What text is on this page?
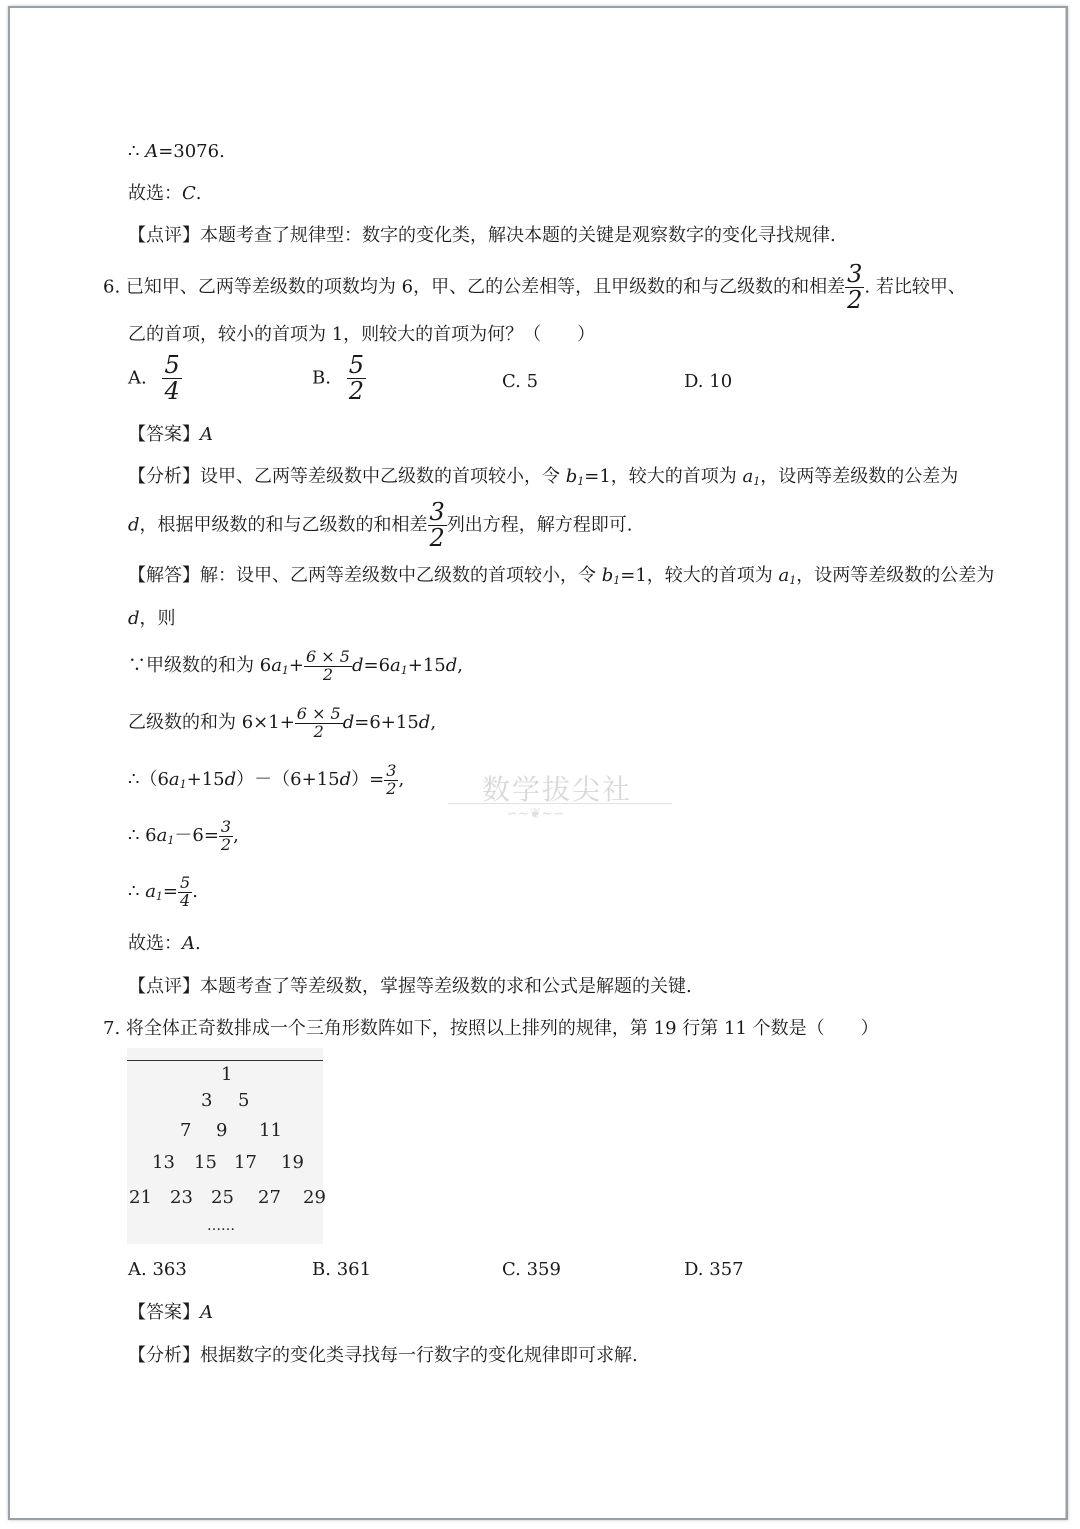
∴ A=3076.
故选：C.
【点评】本题考查了规律型：数字的变化类，解决本题的关键是观察数字的变化寻找规律.
6. 已知甲、乙两等差级数的项数均为 6，甲、乙的公差相等，且甲级数的和与乙级数的和相差 $\frac{3}{2}$ . 若比较甲、
乙的首项，较小的首项为 1，则较大的首项为何？（　　）
A. $\frac{5}{4}$	B. $\frac{5}{2}$	C. 5	D. 10
【答案】A
【分析】设甲、乙两等差级数中乙级数的首项较小，令 $b_1=1$，较大的首项为 $a_1$，设两等差级数的公差为
d，根据甲级数的和与乙级数的和相差 $\frac{3}{2}$ 列出方程，解方程即可.
【解答】解：设甲、乙两等差级数中乙级数的首项较小，令 $b_1=1$，较大的首项为 $a_1$，设两等差级数的公差为
d，则
∵甲级数的和为 $6a_1+ \frac{6 \times 5}{2} d=6a_1+15d$,
乙级数的和为 $6\times 1+ \frac{6 \times 5}{2} d=6+15d$,
$\therefore(6a_1+15d)-(6+15d)= \frac{3}{2}$ ,
∴ $6a_1-6= \frac{3}{2}$ ,
∴ $a_1= \frac{5}{4}$ .
故选：A.
【点评】本题考查了等差级数，掌握等差级数的求和公式是解题的关键.
7. 将全体正奇数排成一个三角形数阵如下，按照以上排列的规律，第 19 行第 11 个数是（　　）
1
3 5
7 9 11
13 15 17 19
21 23 25 27 29
……
A. 363	B. 361	C. 359	D. 357
【答案】A
【分析】根据数字的变化类寻找每一行数字的变化规律即可求解.
数学拔尖社
∽∼❦∼∽
